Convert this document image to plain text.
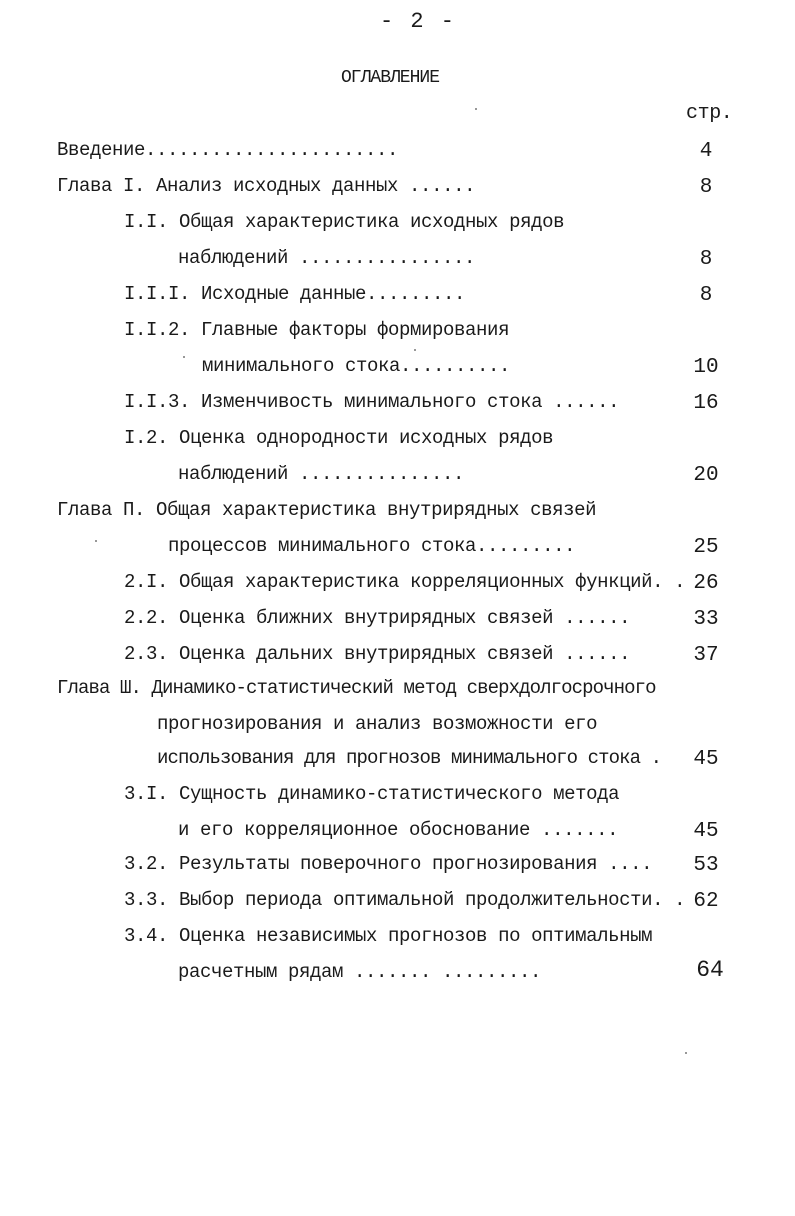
- 2 -
ОГЛАВЛЕНИЕ
стр.
Введение.......................	4
Глава I. Анализ исходных данных ......	8
I.I. Общая характеристика исходных рядов
наблюдений ................	8
I.I.I. Исходные данные.........	8
I.I.2. Главные факторы формирования
минимального стока..........	10
I.I.3. Изменчивость минимального стока ......	16
I.2. Оценка однородности исходных рядов
наблюдений ...............	20
Глава П. Общая характеристика внутрирядных связей
процессов минимального стока.........	25
2.I. Общая характеристика корреляционных функций. . 26
2.2. Оценка ближних внутрирядных связей ......	33
2.3. Оценка дальних внутрирядных связей ......	37
Глава Ш. Динамико-статистический метод сверхдолгосрочного
прогнозирования и анализ возможности его
использования для прогнозов минимального стока .	45
3.I. Сущность динамико-статистического метода
и его корреляционное обоснование .......	45
3.2. Результаты поверочного прогнозирования ....	53
3.3. Выбор периода оптимальной продолжительности. . 62
3.4. Оценка независимых прогнозов по оптимальным
расчетным рядам ....... .........	64
